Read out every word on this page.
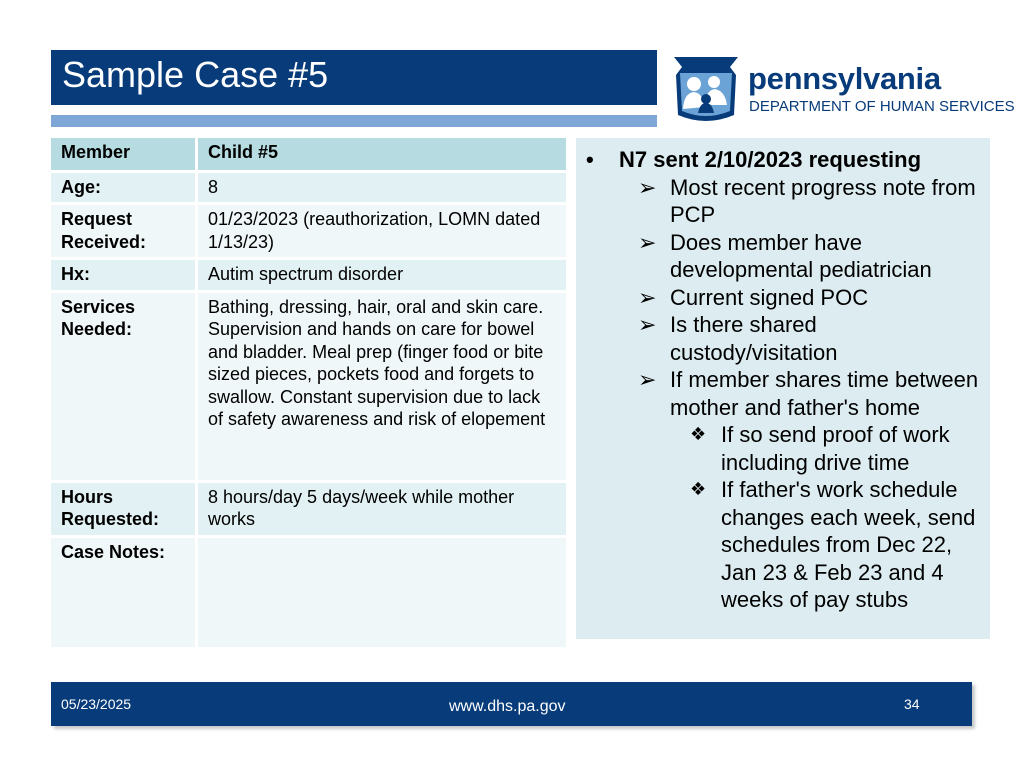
Sample Case #5	pennsylvania
DEPARTMENT OF HUMAN SERVICES
Member	Child #5
Age:	8
Request Received:	01/23/2023 (reauthorization, LOMN dated 1/13/23)
Hx:	Autim spectrum disorder
Services Needed:	Bathing, dressing, hair, oral and skin care. Supervision and hands on care for bowel and bladder. Meal prep (finger food or bite sized pieces, pockets food and forgets to swallow. Constant supervision due to lack of safety awareness and risk of elopement
Hours Requested:	8 hours/day 5 days/week while mother works
Case Notes:	
• N7 sent 2/10/2023 requesting
➢ Most recent progress note from PCP
➢ Does member have developmental pediatrician
➢ Current signed POC
➢ Is there shared custody/visitation
➢ If member shares time between mother and father's home
❖ If so send proof of work including drive time
❖ If father's work schedule changes each week, send schedules from Dec 22, Jan 23 & Feb 23 and 4 weeks of pay stubs
05/23/2025	www.dhs.pa.gov	34
